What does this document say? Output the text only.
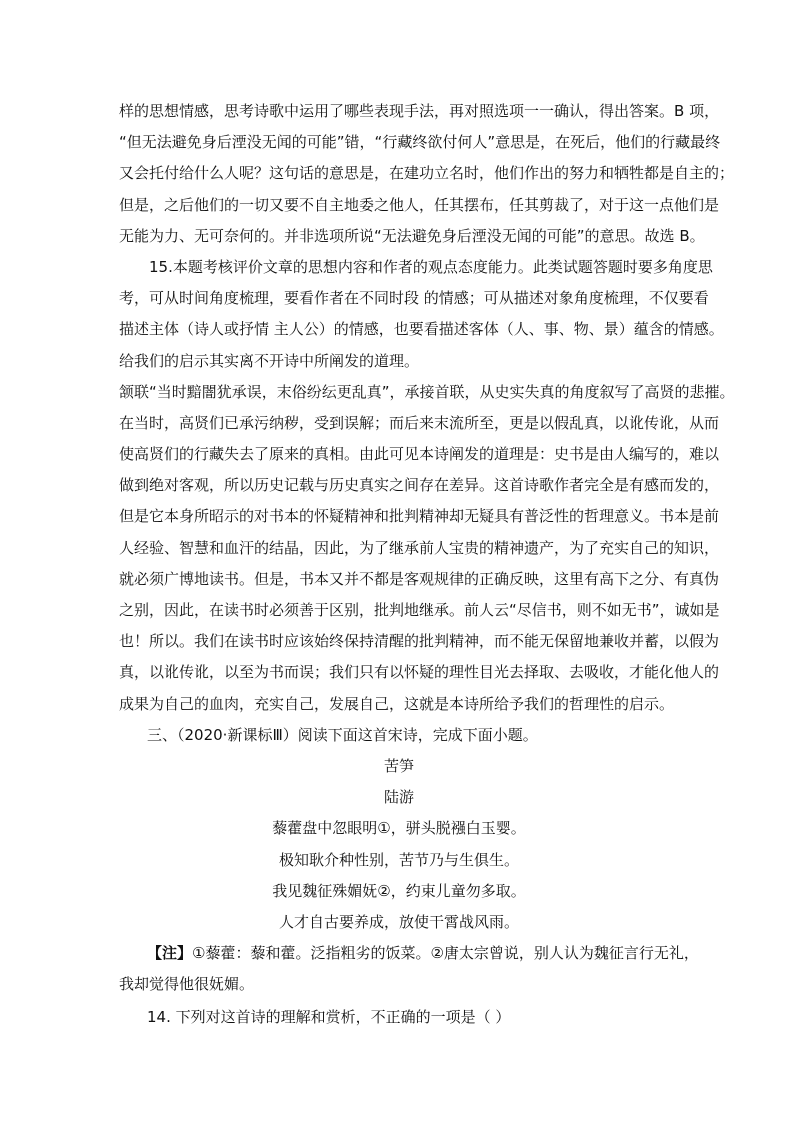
样的思想情感，思考诗歌中运用了哪些表现手法，再对照选项一一确认，得出答案。B 项，
“但无法避免身后湮没无闻的可能”错，“行藏终欲付何人”意思是，在死后，他们的行藏最终
又会托付给什么人呢？这句话的意思是，在建功立名时，他们作出的努力和牺牲都是自主的；
但是，之后他们的一切又要不自主地委之他人，任其摆布，任其剪裁了，对于这一点他们是
无能为力、无可奈何的。并非选项所说“无法避免身后湮没无闻的可能”的意思。故选 B。
15.本题考核评价文章的思想内容和作者的观点态度能力。此类试题答题时要多角度思
考，可从时间角度梳理，要看作者在不同时段 的情感；可从描述对象角度梳理，不仅要看
描述主体（诗人或抒情 主人公）的情感，也要看描述客体（人、事、物、景）蕴含的情感。
给我们的启示其实离不开诗中所阐发的道理。
颔联“当时黯闇犹承误，末俗纷纭更乱真”，承接首联，从史实失真的角度叙写了高贤的悲摧。
在当时，高贤们已承污纳秽，受到误解；而后来末流所至，更是以假乱真，以讹传讹，从而
使高贤们的行藏失去了原来的真相。由此可见本诗阐发的道理是：史书是由人编写的，难以
做到绝对客观，所以历史记载与历史真实之间存在差异。这首诗歌作者完全是有感而发的，
但是它本身所昭示的对书本的怀疑精神和批判精神却无疑具有普泛性的哲理意义。书本是前
人经验、智慧和血汗的结晶，因此，为了继承前人宝贵的精神遗产，为了充实自己的知识，
就必须广博地读书。但是，书本又并不都是客观规律的正确反映，这里有高下之分、有真伪
之别，因此，在读书时必须善于区别，批判地继承。前人云“尽信书，则不如无书”，诚如是
也！所以。我们在读书时应该始终保持清醒的批判精神，而不能无保留地兼收并蓄，以假为
真，以讹传讹，以至为书而误；我们只有以怀疑的理性目光去择取、去吸收，才能化他人的
成果为自己的血肉，充实自己，发展自己，这就是本诗所给予我们的哲理性的启示。
三、（2020·新课标Ⅲ）阅读下面这首宋诗，完成下面小题。
苦笋
陆游
藜藿盘中忽眼明①，骈头脱襁白玉婴。
极知耿介种性别，苦节乃与生俱生。
我见魏征殊媚妩②，约束儿童勿多取。
人才自古要养成，放使干霄战风雨。
【注】①藜藿：藜和藿。泛指粗劣的饭菜。②唐太宗曾说，别人认为魏征言行无礼，
我却觉得他很妩媚。
14. 下列对这首诗的理解和赏析，不正确的一项是（ ）
